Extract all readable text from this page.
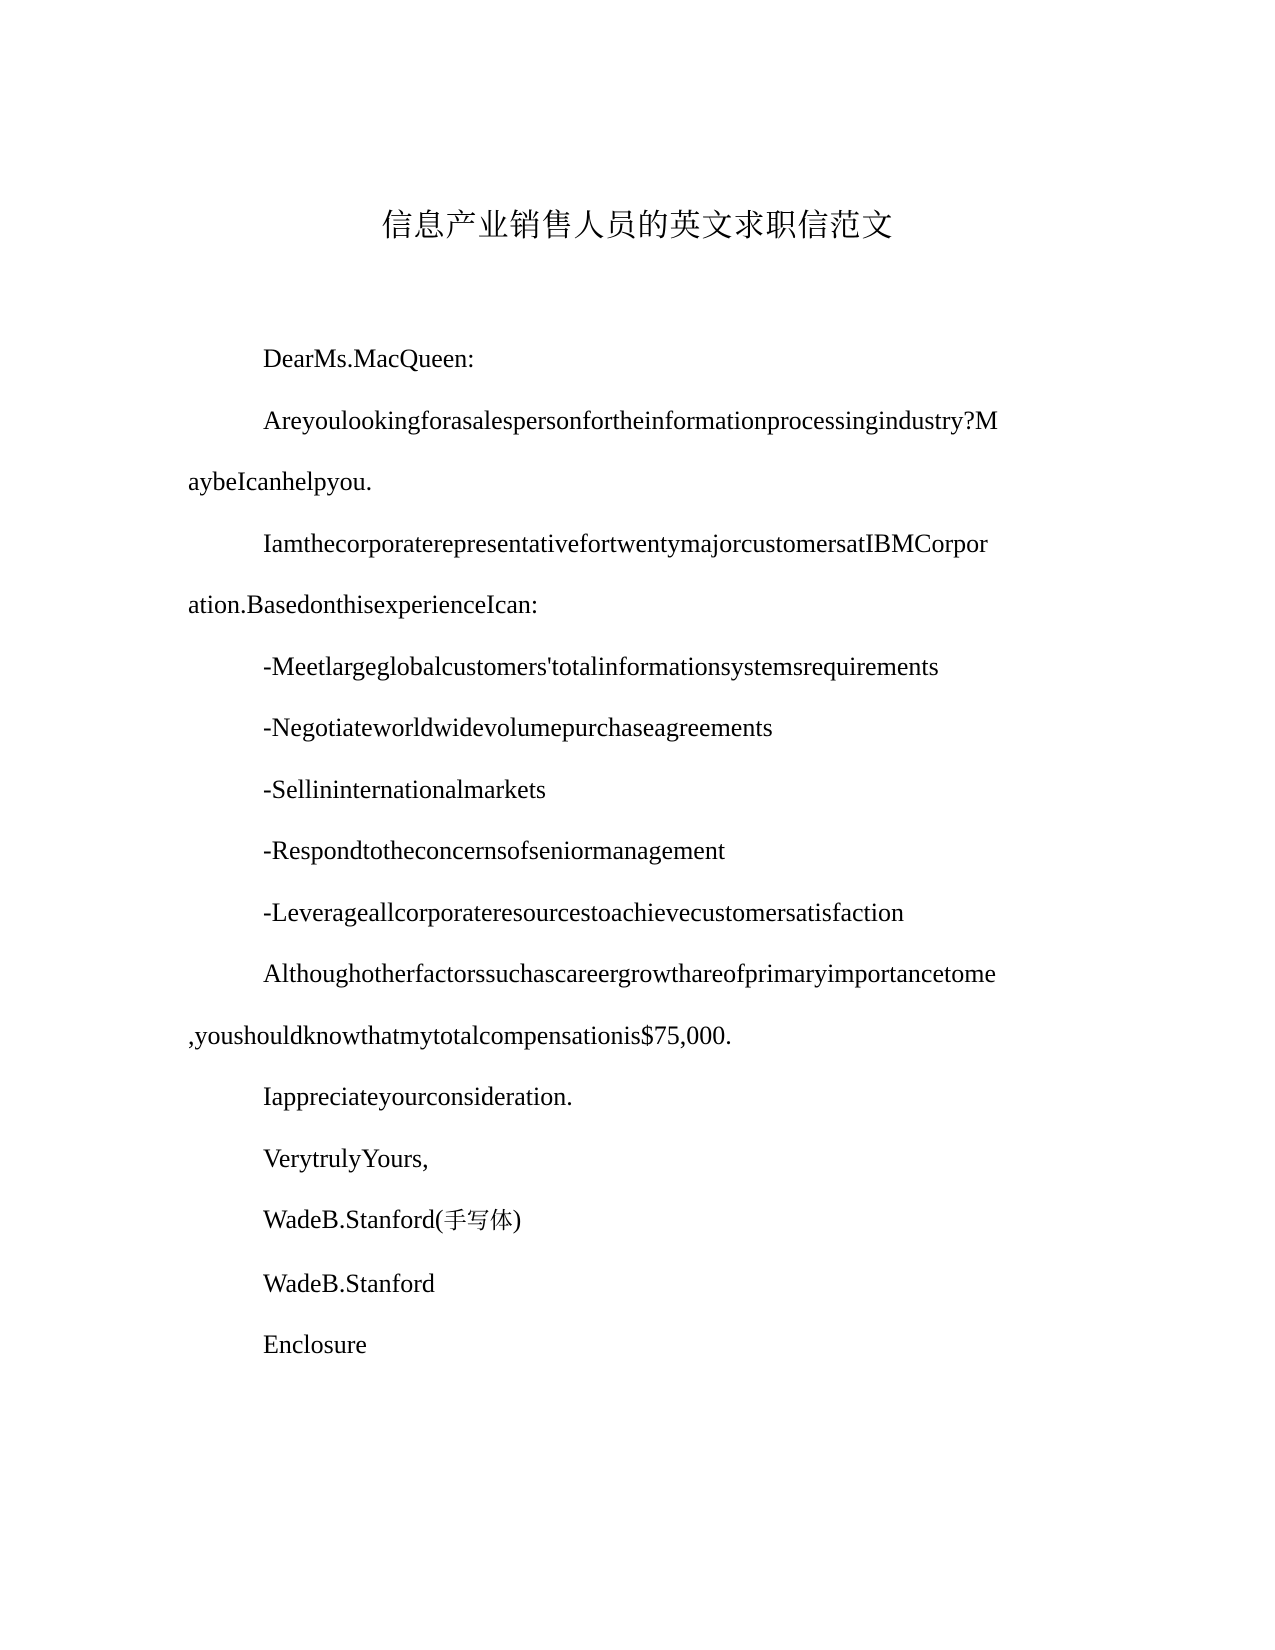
信息产业销售人员的英文求职信范文

DearMs.MacQueen:

Areyoulookingforasalespersonfortheinformationprocessingindustry?M

aybeIcanhelpyou.

IamthecorporaterepresentativefortwentymajorcustomersatIBMCorpor

ation.BasedonthisexperienceIcan:

-Meetlargeglobalcustomers'totalinformationsystemsrequirements

-Negotiateworldwidevolumepurchaseagreements

-Sellininternationalmarkets

-Respondtotheconcernsofseniormanagement

-Leverageallcorporateresourcestoachievecustomersatisfaction

Althoughotherfactorssuchascareergrowthareofprimaryimportancetome

,youshouldknowthatmytotalcompensationis$75,000.

Iappreciateyourconsideration.

VerytrulyYours,

WadeB.Stanford(手写体)

WadeB.Stanford

Enclosure
